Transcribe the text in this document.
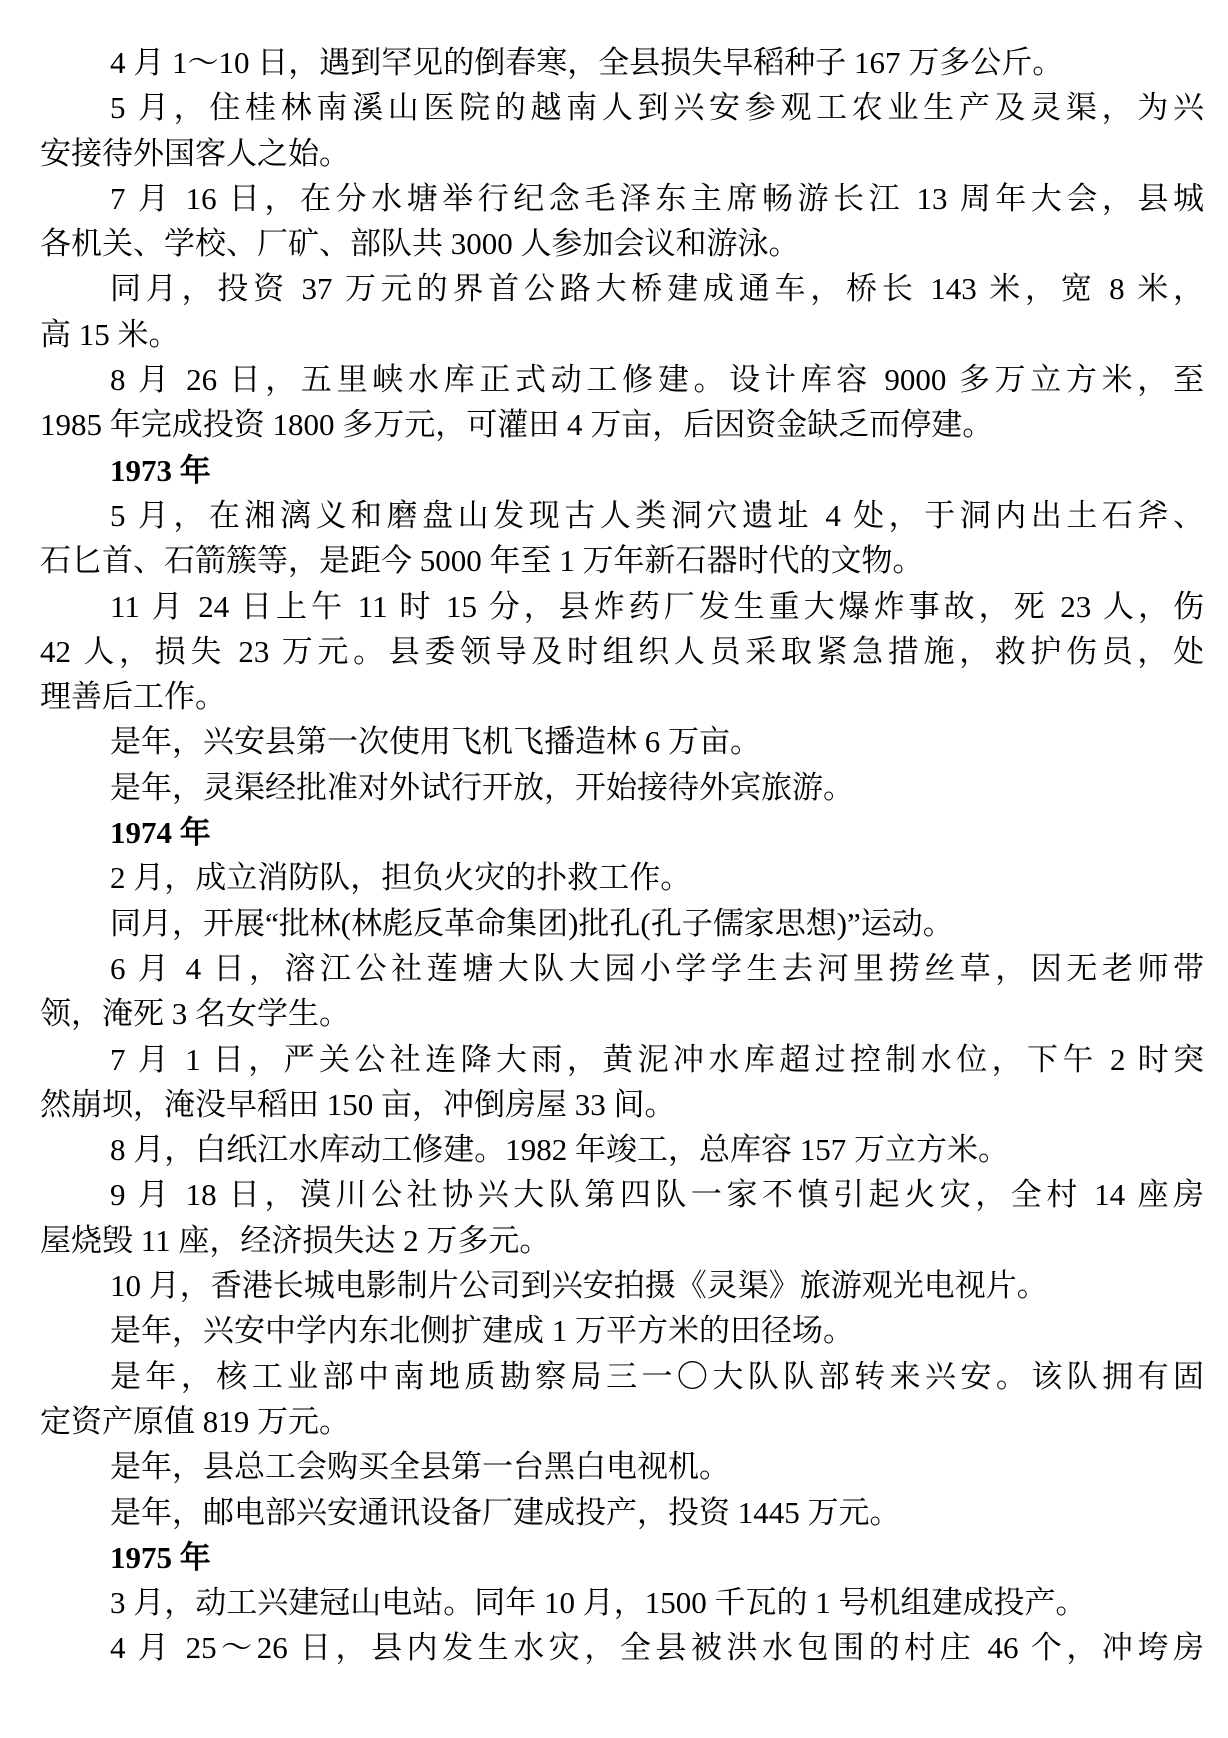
4 月 1～10 日，遇到罕见的倒春寒，全县损失早稻种子 167 万多公斤。
5 月，住桂林南溪山医院的越南人到兴安参观工农业生产及灵渠，为兴
安接待外国客人之始。
7 月 16 日，在分水塘举行纪念毛泽东主席畅游长江 13 周年大会，县城
各机关、学校、厂矿、部队共 3000 人参加会议和游泳。
同月，投资 37 万元的界首公路大桥建成通车，桥长 143 米，宽 8 米，
高 15 米。
8 月 26 日，五里峡水库正式动工修建。设计库容 9000 多万立方米，至
1985 年完成投资 1800 多万元，可灌田 4 万亩，后因资金缺乏而停建。
1973 年
5 月，在湘漓义和磨盘山发现古人类洞穴遗址 4 处，于洞内出土石斧、
石匕首、石箭簇等，是距今 5000 年至 1 万年新石器时代的文物。
11 月 24 日上午 11 时 15 分，县炸药厂发生重大爆炸事故，死 23 人，伤
42 人，损失 23 万元。县委领导及时组织人员采取紧急措施，救护伤员，处
理善后工作。
是年，兴安县第一次使用飞机飞播造林 6 万亩。
是年，灵渠经批准对外试行开放，开始接待外宾旅游。
1974 年
2 月，成立消防队，担负火灾的扑救工作。
同月，开展“批林(林彪反革命集团)批孔(孔子儒家思想)”运动。
6 月 4 日，溶江公社莲塘大队大园小学学生去河里捞丝草，因无老师带
领，淹死 3 名女学生。
7 月 1 日，严关公社连降大雨，黄泥冲水库超过控制水位，下午 2 时突
然崩坝，淹没早稻田 150 亩，冲倒房屋 33 间。
8 月，白纸江水库动工修建。1982 年竣工，总库容 157 万立方米。
9 月 18 日，漠川公社协兴大队第四队一家不慎引起火灾，全村 14 座房
屋烧毁 11 座，经济损失达 2 万多元。
10 月，香港长城电影制片公司到兴安拍摄《灵渠》旅游观光电视片。
是年，兴安中学内东北侧扩建成 1 万平方米的田径场。
是年，核工业部中南地质勘察局三一〇大队队部转来兴安。该队拥有固
定资产原值 819 万元。
是年，县总工会购买全县第一台黑白电视机。
是年，邮电部兴安通讯设备厂建成投产，投资 1445 万元。
1975 年
3 月，动工兴建冠山电站。同年 10 月，1500 千瓦的 1 号机组建成投产。
4 月 25～26 日，县内发生水灾，全县被洪水包围的村庄 46 个，冲垮房
